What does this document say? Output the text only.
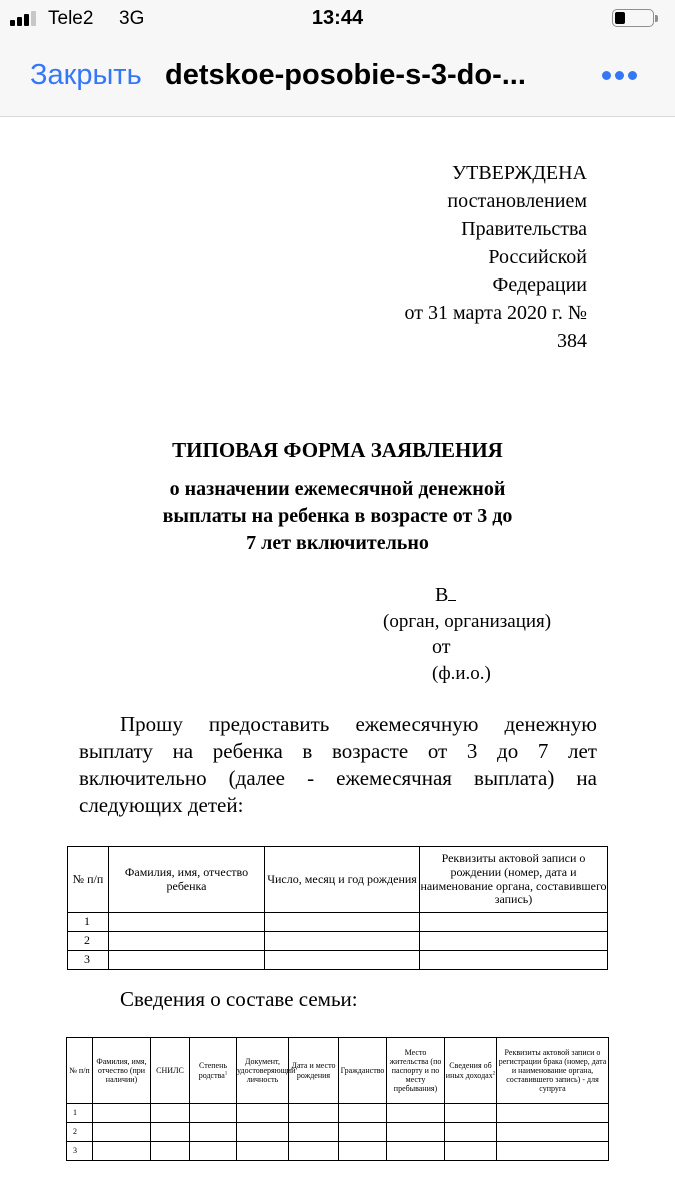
Tele2 3G	13:44
Закрыть detskoe-posobie-s-3-do-...
УТВЕРЖДЕНА
постановлением
Правительства
Российской
Федерации
от 31 марта 2020 г. №
384
ТИПОВАЯ ФОРМА ЗАЯВЛЕНИЯ
о назначении ежемесячной денежной
выплаты на ребенка в возрасте от 3 до
7 лет включительно
В
(орган, организация)
от
(ф.и.о.)

Прошу предоставить ежемесячную денежную

выплату на ребенка в возрасте от 3 до 7 лет

включительно (далее - ежемесячная выплата) на

следующих детей:

№ п/п	Фамилия, имя, отчество ребенка	Число, месяц и год рождения	Реквизиты актовой записи о рождении (номер, дата и наименование органа, составившего запись)
1			
2			
3			
Сведения о составе семьи:
№ п/п	Фамилия, имя, отчество (при наличии)	СНИЛС	Степень родства$^1$	Документ, удостоверяющий личность	Дата и место рождения	Гражданство	Место жительства (по паспорту и по месту пребывания)	Сведения об иных доходах$^2$	Реквизиты актовой записи о регистрации брака (номер, дата и наименование органа, составившего запись) - для супруга
1									
2									
3									
